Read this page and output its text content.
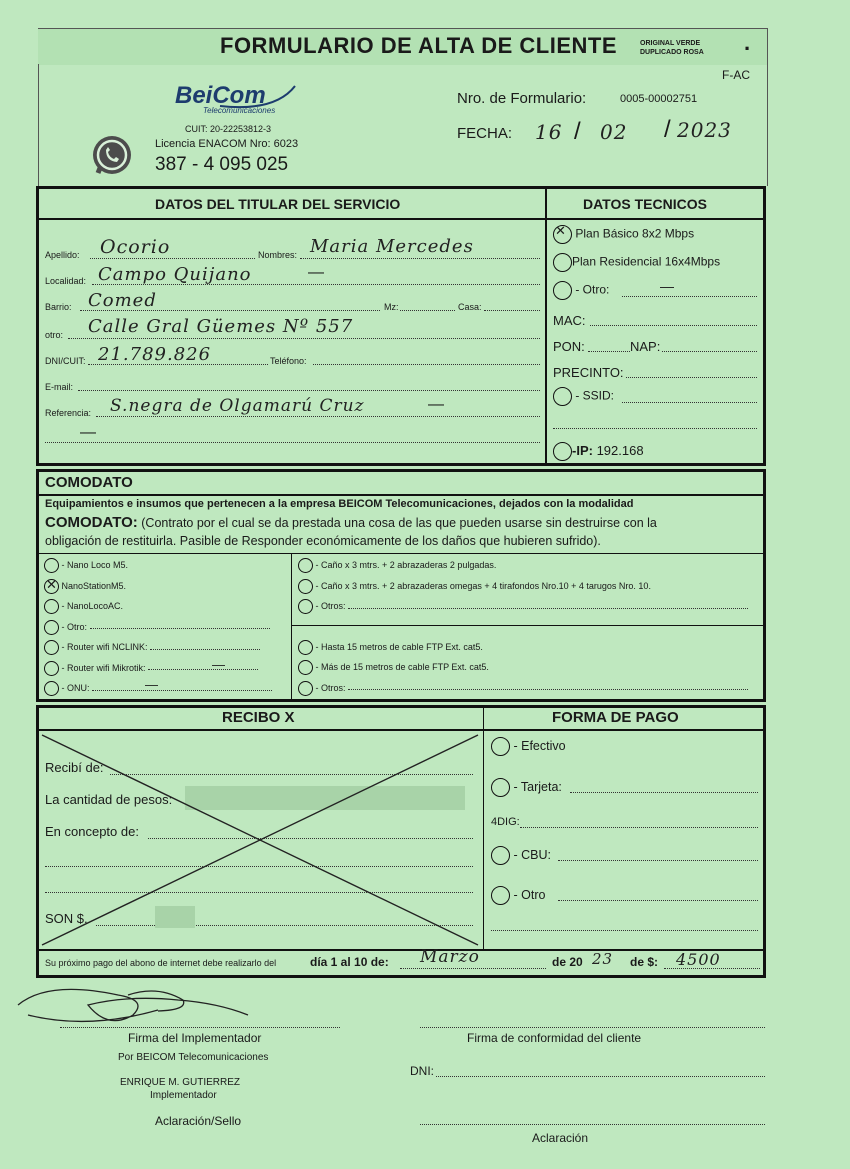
FORMULARIO DE ALTA DE CLIENTE	ORIGINAL VERDE
DUPLICADO ROSA .
F-AC
BeiCom
Telecomunicaciones
CUIT: 20-22253812-3
Licencia ENACOM Nro: 6023
387 - 4 095 025
Nro. de Formulario:	0005-00002751
FECHA: 16 / 02 / 2023
DATOS DEL TITULAR DEL SERVICIO	DATOS TECNICOS
Apellido: Ocorio	Nombres: Maria Mercedes
Localidad: Campo Quijano	—
Barrio: Comed	Mz:	Casa:
otro: Calle Gral Güemes Nº 557
DNI/CUIT: 21.789.826	Teléfono:
E-mail:
Referencia: S.negra de Olgamarú Cruz	—
—
✕ Plan Básico 8x2 Mbps
Plan Residencial 16x4Mbps
- Otro:	—
MAC:
PON:	NAP:
PRECINTO:
- SSID:
-IP: 192.168
COMODATO
Equipamientos e insumos que pertenecen a la empresa BEICOM Telecomunicaciones, dejados con la modalidad
COMODATO: (Contrato por el cual se da prestada una cosa de las que pueden usarse sin destruirse con la
obligación de restituirla. Pasible de Responder económicamente de los daños que hubieren sufrido).
- Nano Loco M5.
✕ NanoStationM5.
- NanoLocoAC.
- Otro:
- Router wifi NCLINK:
- Router wifi Mikrotik:
- ONU:
—
—
- Caño x 3 mtrs. + 2 abrazaderas 2 pulgadas.
- Caño x 3 mtrs. + 2 abrazaderas omegas + 4 tirafondos Nro.10 + 4 tarugos Nro. 10.
- Otros:
- Hasta 15 metros de cable FTP Ext. cat5.
- Más de 15 metros de cable FTP Ext. cat5.
- Otros:
RECIBO X	FORMA DE PAGO
Recibí de:
La cantidad de pesos:
En concepto de:
SON $.
- Efectivo
- Tarjeta:
4DIG:
- CBU:
- Otro
Su próximo pago del abono de internet debe realizarlo del	día 1 al 10 de: Marzo	de 20 23 de $: 4500
Firma del Implementador	Firma de conformidad del cliente
Por BEICOM Telecomunicaciones
ENRIQUE M. GUTIERREZ
Implementador
DNI:
Aclaración/Sello
Aclaración
